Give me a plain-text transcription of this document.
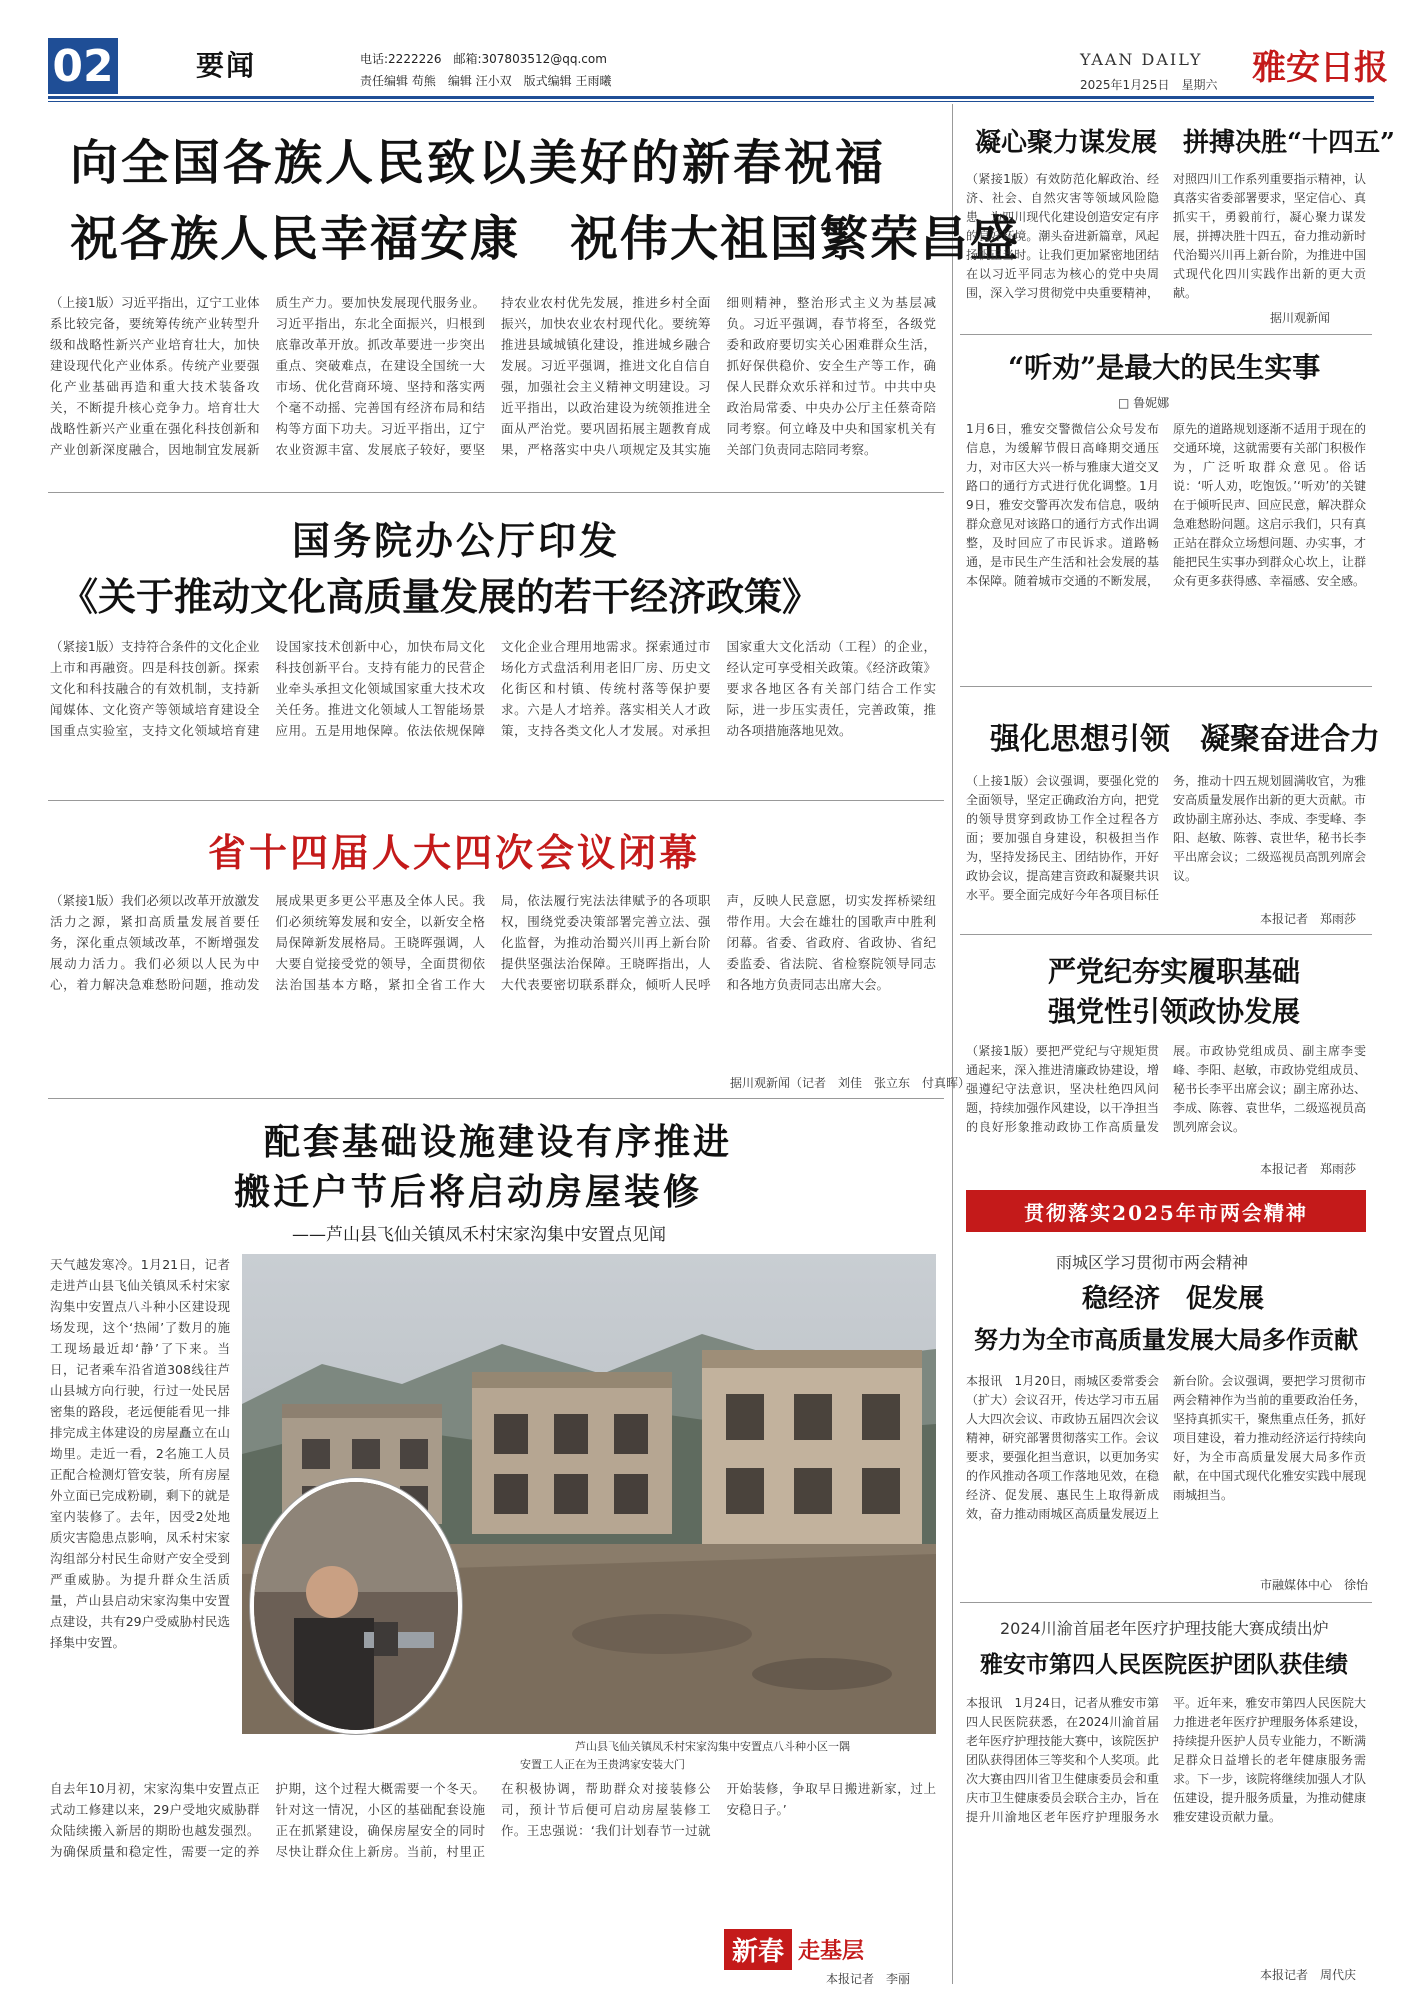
02	要闻	电话:2222226　邮箱:307803512@qq.com
责任编辑 苟熊　编辑 汪小双　版式编辑 王雨曦
YAAN DAILY
2025年1月25日　星期六 雅安日报
向全国各族人民致以美好的新春祝福
祝各族人民幸福安康　祝伟大祖国繁荣昌盛
（上接1版）习近平指出，辽宁工业体系比较完备，要统筹传统产业转型升级和战略性新兴产业培育壮大，加快建设现代化产业体系。传统产业要强化产业基础再造和重大技术装备攻关，不断提升核心竞争力。培育壮大战略性新兴产业重在强化科技创新和产业创新深度融合，因地制宜发展新质生产力。要加快发展现代服务业。习近平指出，东北全面振兴，归根到底靠改革开放。抓改革要进一步突出重点、突破难点，在建设全国统一大市场、优化营商环境、坚持和落实两个毫不动摇、完善国有经济布局和结构等方面下功夫。习近平指出，辽宁农业资源丰富、发展底子较好，要坚持农业农村优先发展，推进乡村全面振兴，加快农业农村现代化。要统筹推进县域城镇化建设，推进城乡融合发展。习近平强调，推进文化自信自强，加强社会主义精神文明建设。习近平指出，以政治建设为统领推进全面从严治党。要巩固拓展主题教育成果，严格落实中央八项规定及其实施细则精神，整治形式主义为基层减负。习近平强调，春节将至，各级党委和政府要切实关心困难群众生活，抓好保供稳价、安全生产等工作，确保人民群众欢乐祥和过节。中共中央政治局常委、中央办公厅主任蔡奇陪同考察。何立峰及中央和国家机关有关部门负责同志陪同考察。
凝心聚力谋发展　拼搏决胜“十四五”
（紧接1版）有效防范化解政治、经济、社会、自然灾害等领域风险隐患，为四川现代化建设创造安定有序的良好环境。潮头奋进新篇章，风起扬帆正当时。让我们更加紧密地团结在以习近平同志为核心的党中央周围，深入学习贯彻党中央重要精神，对照四川工作系列重要指示精神，认真落实省委部署要求，坚定信心、真抓实干，勇毅前行，凝心聚力谋发展，拼搏决胜十四五，奋力推动新时代治蜀兴川再上新台阶，为推进中国式现代化四川实践作出新的更大贡献。
据川观新闻
“听劝”是最大的民生实事
□ 鲁妮娜
1月6日，雅安交警微信公众号发布信息，为缓解节假日高峰期交通压力，对市区大兴一桥与雅康大道交叉路口的通行方式进行优化调整。1月9日，雅安交警再次发布信息，吸纳群众意见对该路口的通行方式作出调整，及时回应了市民诉求。道路畅通，是市民生产生活和社会发展的基本保障。随着城市交通的不断发展，原先的道路规划逐渐不适用于现在的交通环境，这就需要有关部门积极作为，广泛听取群众意见。俗话说：‘听人劝，吃饱饭。’‘听劝’的关键在于倾听民声、回应民意，解决群众急难愁盼问题。这启示我们，只有真正站在群众立场想问题、办实事，才能把民生实事办到群众心坎上，让群众有更多获得感、幸福感、安全感。
国务院办公厅印发
《关于推动文化高质量发展的若干经济政策》
（紧接1版）支持符合条件的文化企业上市和再融资。四是科技创新。探索文化和科技融合的有效机制，支持新闻媒体、文化资产等领域培育建设全国重点实验室，支持文化领域培育建设国家技术创新中心，加快布局文化科技创新平台。支持有能力的民营企业牵头承担文化领域国家重大技术攻关任务。推进文化领域人工智能场景应用。五是用地保障。依法依规保障文化企业合理用地需求。探索通过市场化方式盘活利用老旧厂房、历史文化街区和村镇、传统村落等保护要求。六是人才培养。落实相关人才政策，支持各类文化人才发展。对承担国家重大文化活动（工程）的企业，经认定可享受相关政策。《经济政策》要求各地区各有关部门结合工作实际，进一步压实责任，完善政策，推动各项措施落地见效。	强化思想引领　凝聚奋进合力
（上接1版）会议强调，要强化党的全面领导，坚定正确政治方向，把党的领导贯穿到政协工作全过程各方面；要加强自身建设，积极担当作为，坚持发扬民主、团结协作，开好政协会议，提高建言资政和凝聚共识水平。要全面完成好今年各项目标任务，推动十四五规划圆满收官，为雅安高质量发展作出新的更大贡献。市政协副主席孙达、李成、李雯峰、李阳、赵敏、陈蓉、袁世华，秘书长李平出席会议；二级巡视员高凯列席会议。
本报记者　郑雨莎
省十四届人大四次会议闭幕
（紧接1版）我们必须以改革开放激发活力之源，紧扣高质量发展首要任务，深化重点领域改革，不断增强发展动力活力。我们必须以人民为中心，着力解决急难愁盼问题，推动发展成果更多更公平惠及全体人民。我们必须统筹发展和安全，以新安全格局保障新发展格局。王晓晖强调，人大要自觉接受党的领导，全面贯彻依法治国基本方略，紧扣全省工作大局，依法履行宪法法律赋予的各项职权，围绕党委决策部署完善立法、强化监督，为推动治蜀兴川再上新台阶提供坚强法治保障。王晓晖指出，人大代表要密切联系群众，倾听人民呼声，反映人民意愿，切实发挥桥梁纽带作用。大会在雄壮的国歌声中胜利闭幕。省委、省政府、省政协、省纪委监委、省法院、省检察院领导同志和各地方负责同志出席大会。
据川观新闻（记者　刘佳　张立东　付真晖）
严党纪夯实履职基础
强党性引领政协发展
（紧接1版）要把严党纪与守规矩贯通起来，深入推进清廉政协建设，增强遵纪守法意识，坚决杜绝四风问题，持续加强作风建设，以干净担当的良好形象推动政协工作高质量发展。市政协党组成员、副主席李雯峰、李阳、赵敏，市政协党组成员、秘书长李平出席会议；副主席孙达、李成、陈蓉、袁世华，二级巡视员高凯列席会议。
本报记者　郑雨莎
贯彻落实2025年市两会精神
雨城区学习贯彻市两会精神
稳经济　促发展
努力为全市高质量发展大局多作贡献
本报讯　1月20日，雨城区委常委会（扩大）会议召开，传达学习市五届人大四次会议、市政协五届四次会议精神，研究部署贯彻落实工作。会议要求，要强化担当意识，以更加务实的作风推动各项工作落地见效，在稳经济、促发展、惠民生上取得新成效，奋力推动雨城区高质量发展迈上新台阶。会议强调，要把学习贯彻市两会精神作为当前的重要政治任务，坚持真抓实干，聚焦重点任务，抓好项目建设，着力推动经济运行持续向好，为全市高质量发展大局多作贡献，在中国式现代化雅安实践中展现雨城担当。
市融媒体中心　徐怡
2024川渝首届老年医疗护理技能大赛成绩出炉
雅安市第四人民医院医护团队获佳绩
本报讯　1月24日，记者从雅安市第四人民医院获悉，在2024川渝首届老年医疗护理技能大赛中，该院医护团队获得团体三等奖和个人奖项。此次大赛由四川省卫生健康委员会和重庆市卫生健康委员会联合主办，旨在提升川渝地区老年医疗护理服务水平。近年来，雅安市第四人民医院大力推进老年医疗护理服务体系建设，持续提升医护人员专业能力，不断满足群众日益增长的老年健康服务需求。下一步，该院将继续加强人才队伍建设，提升服务质量，为推动健康雅安建设贡献力量。
本报记者　周代庆
配套基础设施建设有序推进
搬迁户节后将启动房屋装修
——芦山县飞仙关镇凤禾村宋家沟集中安置点见闻
天气越发寒冷。1月21日，记者走进芦山县飞仙关镇凤禾村宋家沟集中安置点八斗种小区建设现场发现，这个‘热闹’了数月的施工现场最近却‘静’了下来。当日，记者乘车沿省道308线往芦山县城方向行驶，行过一处民居密集的路段，老远便能看见一排排完成主体建设的房屋矗立在山坳里。走近一看，2名施工人员正配合检测灯管安装，所有房屋外立面已完成粉刷，剩下的就是室内装修了。去年，因受2处地质灾害隐患点影响，凤禾村宋家沟组部分村民生命财产安全受到严重威胁。为提升群众生活质量，芦山县启动宋家沟集中安置点建设，共有29户受威胁村民选择集中安置。
芦山县飞仙关镇凤禾村宋家沟集中安置点八斗种小区一隅
安置工人正在为王贵鸿家安装大门
自去年10月初，宋家沟集中安置点正式动工修建以来，29户受地灾威胁群众陆续搬入新居的期盼也越发强烈。为确保质量和稳定性，需要一定的养护期，这个过程大概需要一个冬天。针对这一情况，小区的基础配套设施正在抓紧建设，确保房屋安全的同时尽快让群众住上新房。当前，村里正在积极协调，帮助群众对接装修公司，预计节后便可启动房屋装修工作。王忠强说：‘我们计划春节一过就开始装修，争取早日搬进新家，过上安稳日子。’
本报记者　李丽
新春 走基层
